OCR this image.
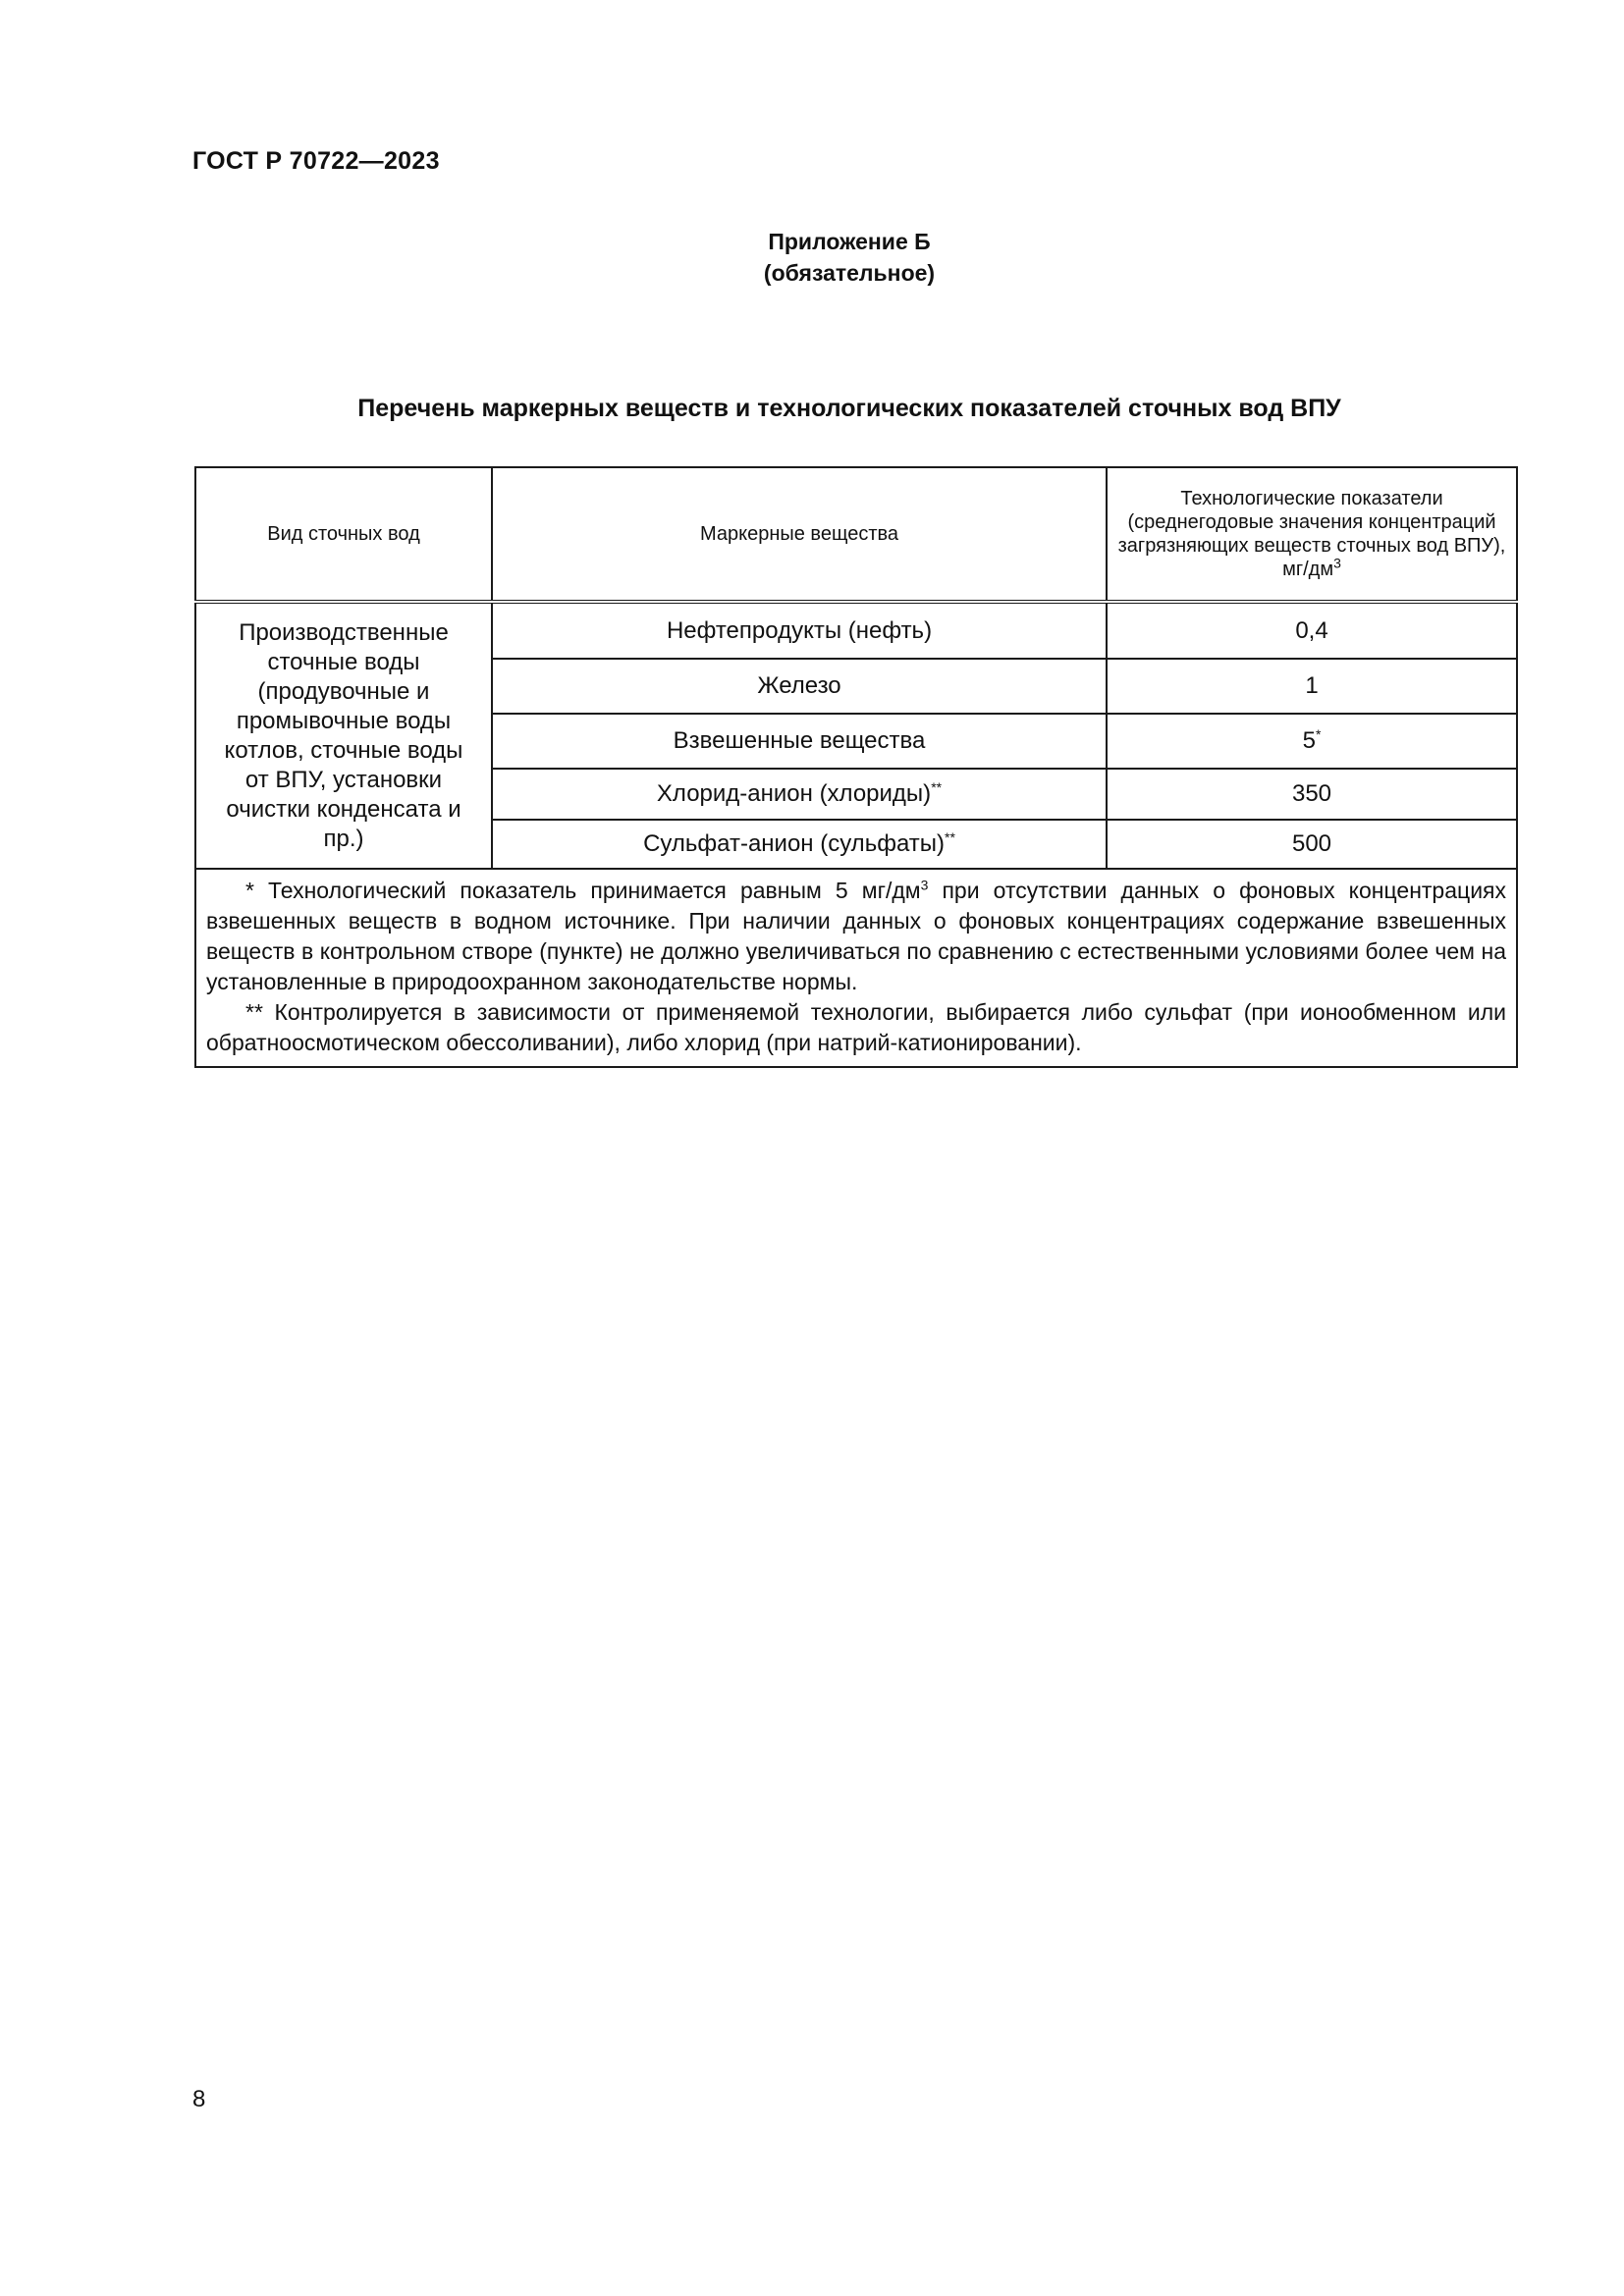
ГОСТ Р 70722—2023
Приложение Б
(обязательное)
Перечень маркерных веществ и технологических показателей сточных вод ВПУ
Вид сточных вод	Маркерные вещества	Технологические показатели (среднегодовые значения концентраций загрязняющих веществ сточных вод ВПУ), $мг/дм^3$
Производственные сточные воды (продувочные и промывочные воды котлов, сточные воды от ВПУ, установки очистки конденсата и пр.)	Нефтепродукты (нефть)	0,4
	Железо	1
	Взвешенные вещества	5*
	Хлорид-анион (хлориды)**	350
	Сульфат-анион (сульфаты)**	500

* Технологический показатель принимается равным 5 $мг/дм^3$ при отсутствии данных о фоновых концентрациях взвешенных веществ в водном источнике. При наличии данных о фоновых концентрациях содержание взвешенных веществ в контрольном створе (пункте) не должно увеличиваться по сравнению с естественными условиями более чем на установленные в природоохранном законодательстве нормы.

** Контролируется в зависимости от применяемой технологии, выбирается либо сульфат (при ионообменном или обратноосмотическом обессоливании), либо хлорид (при натрий-катионировании).		

8
